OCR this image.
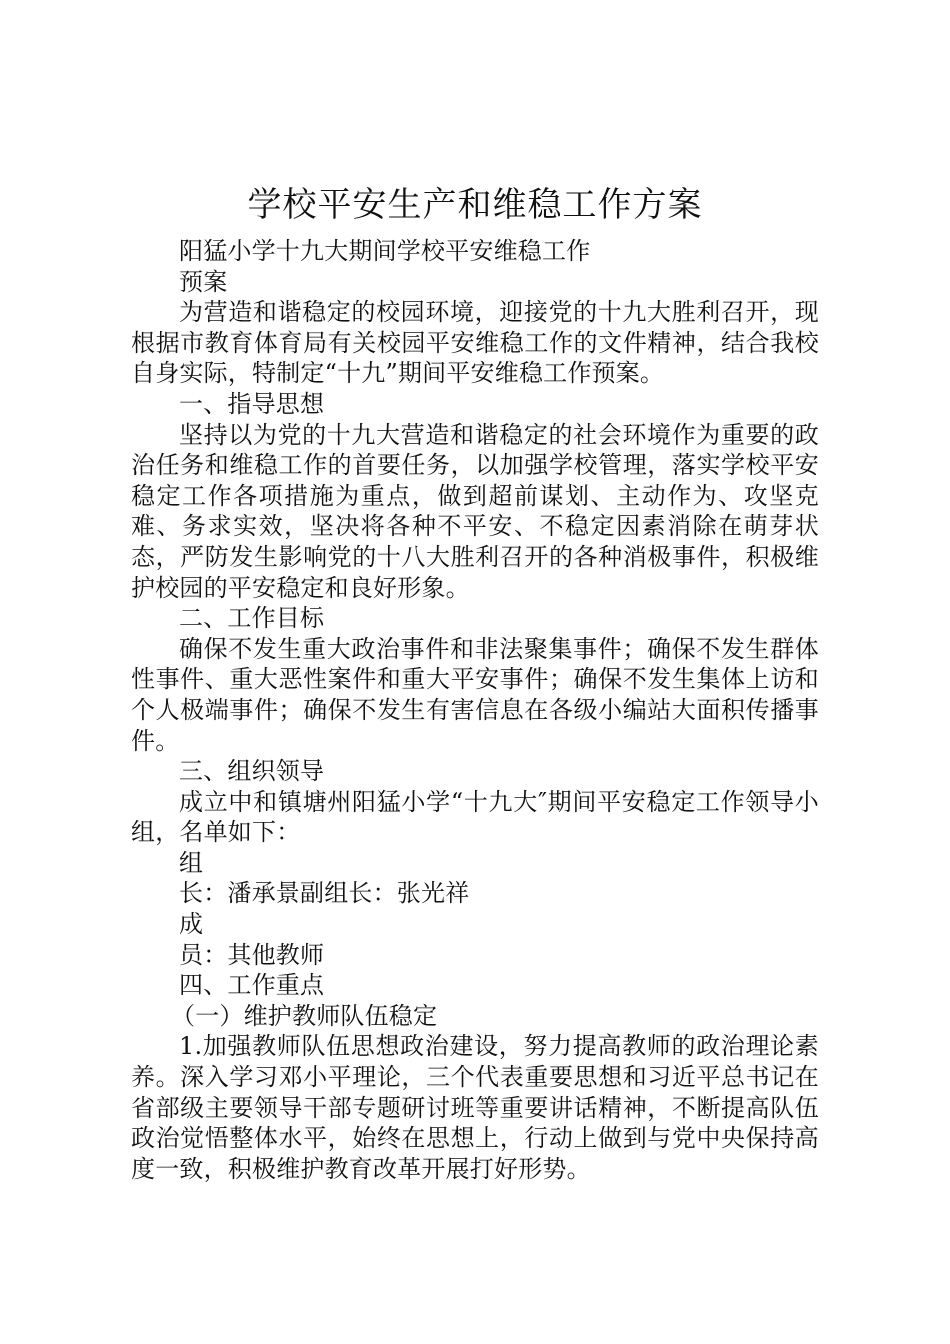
学校平安生产和维稳工作方案

阳猛小学十九大期间学校平安维稳工作

预案

为营造和谐稳定的校园环境，迎接党的十九大胜利召开，现根据市教育体育局有关校园平安维稳工作的文件精神，结合我校自身实际，特制定“十九”期间平安维稳工作预案。

一、指导思想

坚持以为党的十九大营造和谐稳定的社会环境作为重要的政治任务和维稳工作的首要任务，以加强学校管理，落实学校平安稳定工作各项措施为重点，做到超前谋划、主动作为、攻坚克难、务求实效，坚决将各种不平安、不稳定因素消除在萌芽状态，严防发生影响党的十八大胜利召开的各种消极事件，积极维护校园的平安稳定和良好形象。

二、工作目标

确保不发生重大政治事件和非法聚集事件；确保不发生群体性事件、重大恶性案件和重大平安事件；确保不发生集体上访和个人极端事件；确保不发生有害信息在各级小编站大面积传播事件。

三、组织领导

成立中和镇塘州阳猛小学“十九大″期间平安稳定工作领导小组，名单如下：

组

长：潘承景副组长：张光祥

成

员：其他教师

四、工作重点

（一）维护教师队伍稳定

1.加强教师队伍思想政治建设，努力提高教师的政治理论素养。深入学习邓小平理论，三个代表重要思想和习近平总书记在省部级主要领导干部专题研讨班等重要讲话精神，不断提高队伍政治觉悟整体水平，始终在思想上，行动上做到与党中央保持高度一致，积极维护教育改革开展打好形势。
